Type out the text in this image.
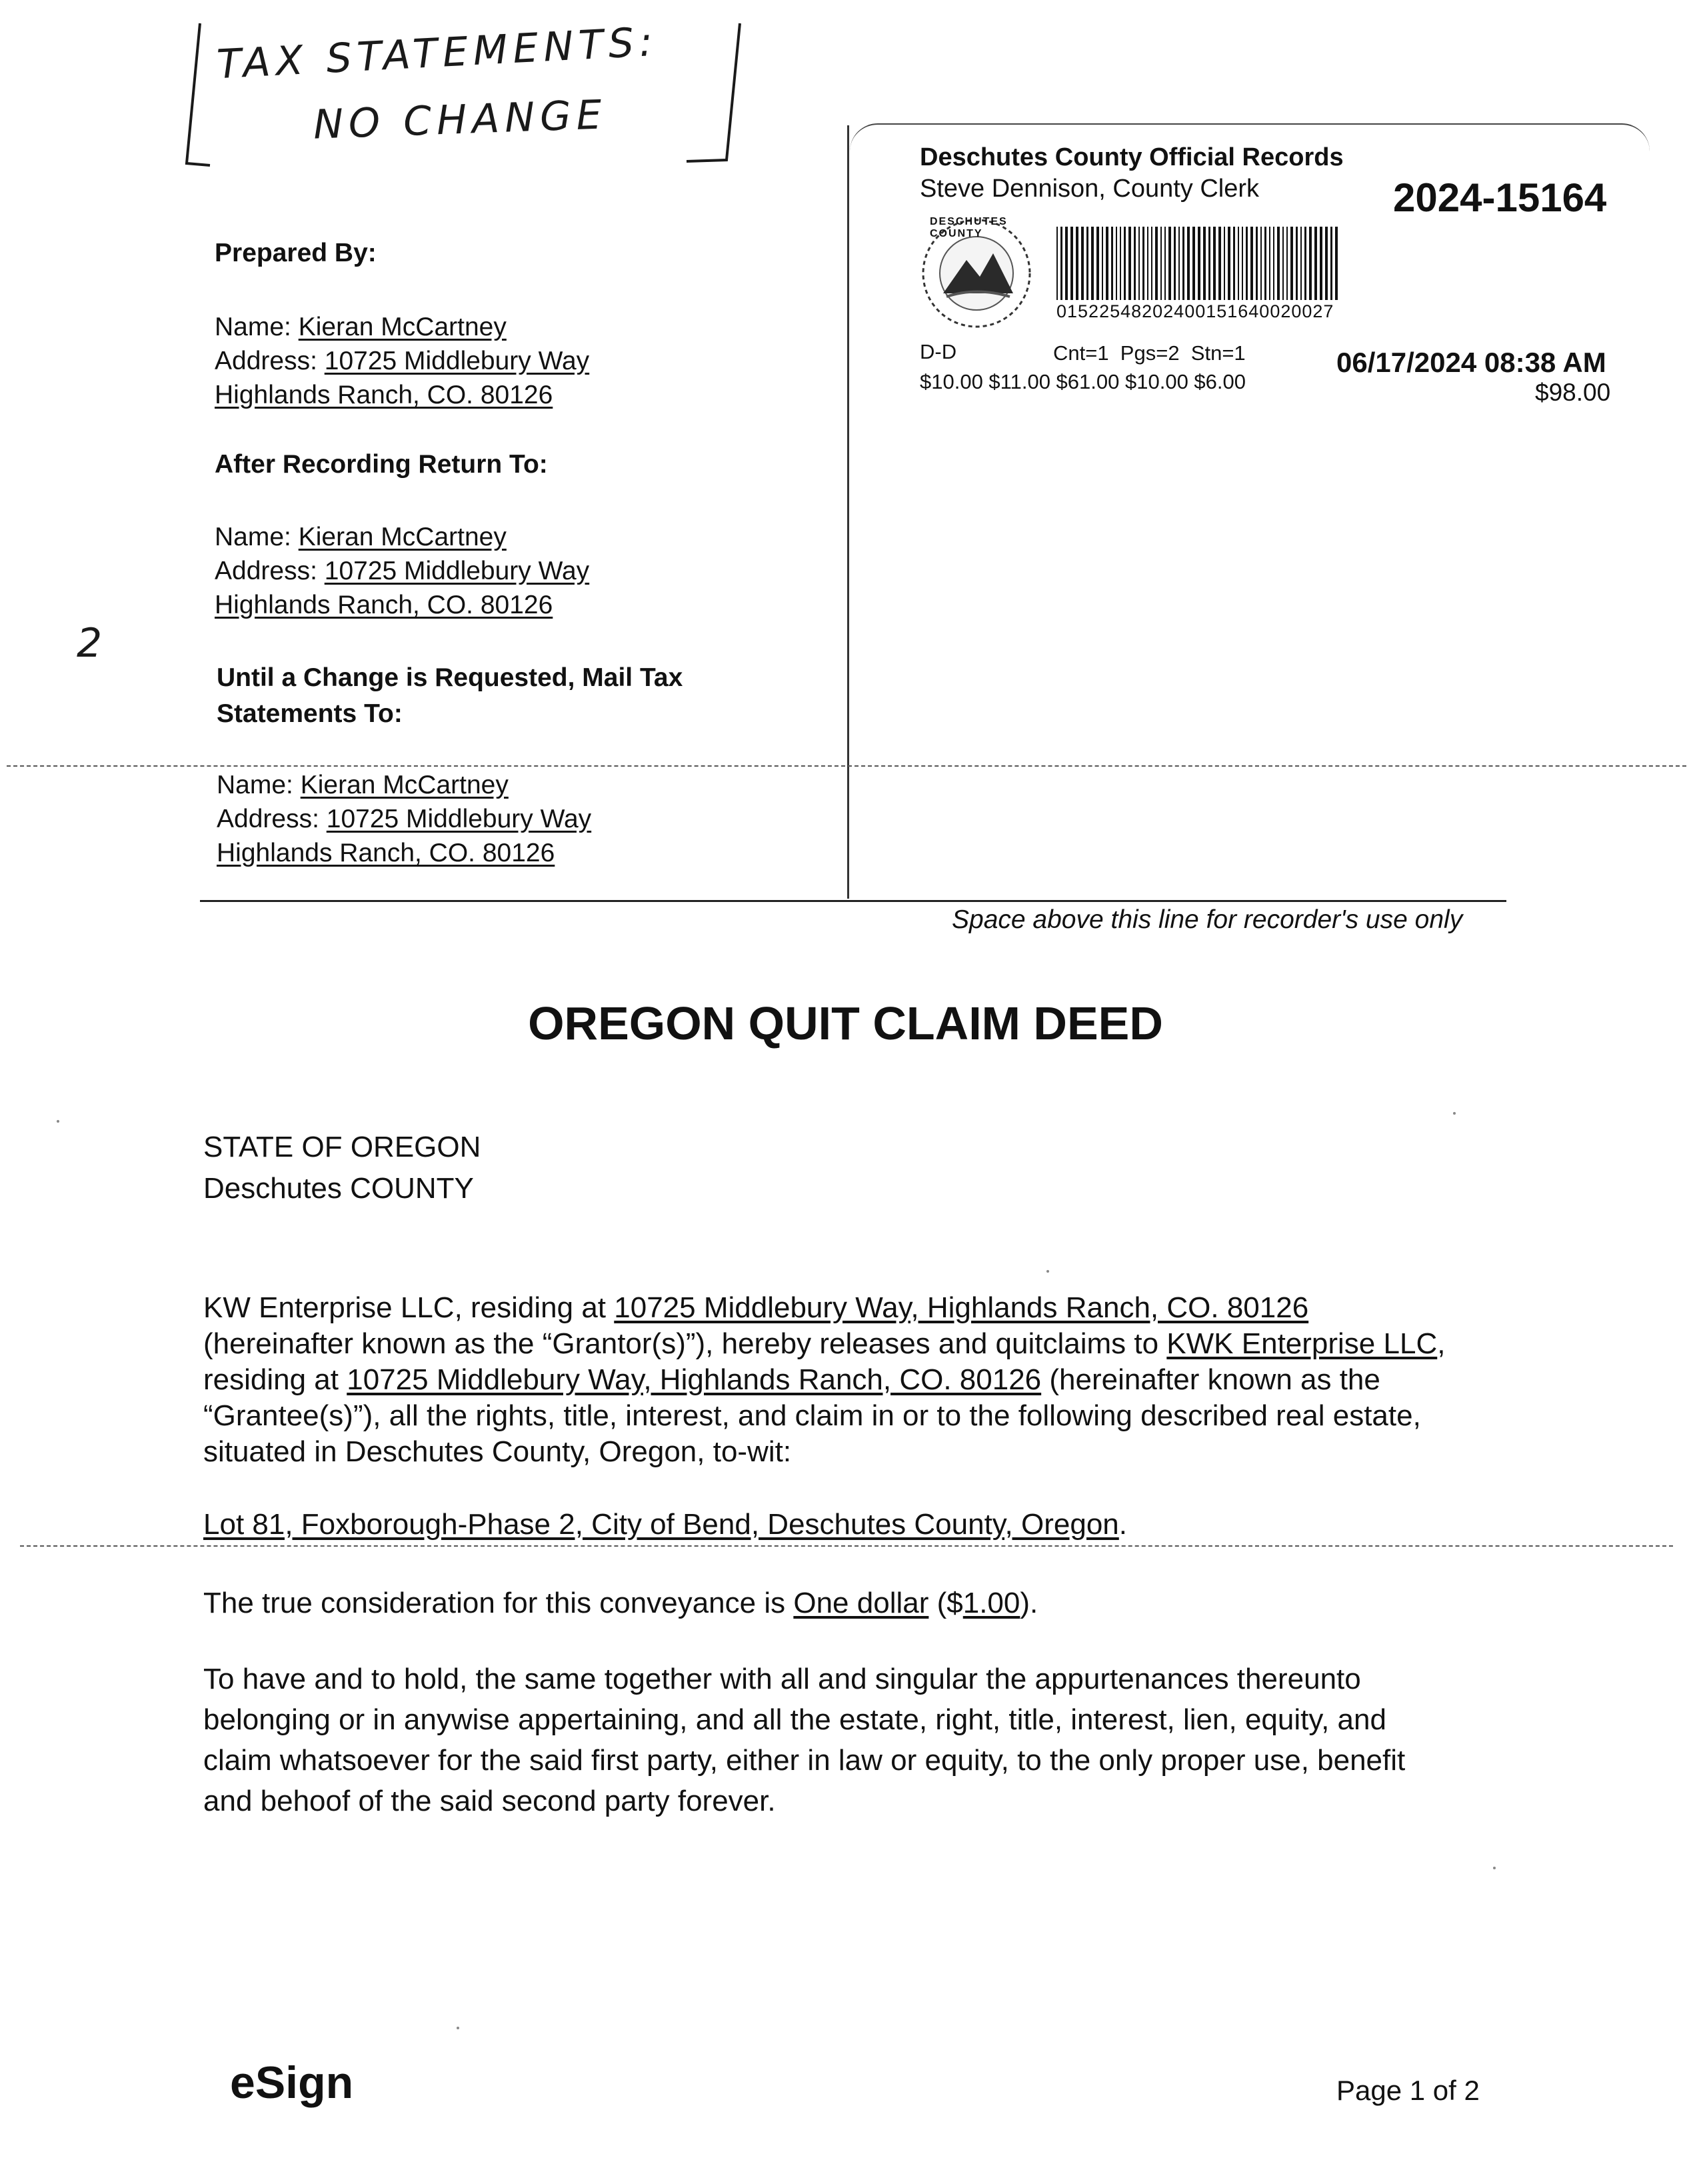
TAX STATEMENTS:
NO CHANGE
2
Deschutes County Official Records
Steve Dennison, County Clerk	2024-15164
DESCHUTES COUNTY
01522548202400151640020027
D-D	Cnt=1  Pgs=2  Stn=1
$10.00 $11.00 $61.00 $10.00 $6.00
06/17/2024 08:38 AM
$98.00
Prepared By:
Name: Kieran McCartney
Address: 10725 Middlebury Way
Highlands Ranch, CO. 80126
After Recording Return To:
Name: Kieran McCartney
Address: 10725 Middlebury Way
Highlands Ranch, CO. 80126
Until a Change is Requested, Mail Tax
Statements To:
Name: Kieran McCartney
Address: 10725 Middlebury Way
Highlands Ranch, CO. 80126
Space above this line for recorder's use only
OREGON QUIT CLAIM DEED
STATE OF OREGON
Deschutes COUNTY
KW Enterprise LLC, residing at 10725 Middlebury Way, Highlands Ranch, CO. 80126
(hereinafter known as the “Grantor(s)”), hereby releases and quitclaims to KWK Enterprise LLC,
residing at 10725 Middlebury Way, Highlands Ranch, CO. 80126 (hereinafter known as the
“Grantee(s)”), all the rights, title, interest, and claim in or to the following described real estate,
situated in Deschutes County, Oregon, to-wit:
Lot 81, Foxborough-Phase 2, City of Bend, Deschutes County, Oregon.
The true consideration for this conveyance is One dollar ($1.00).
To have and to hold, the same together with all and singular the appurtenances thereunto
belonging or in anywise appertaining, and all the estate, right, title, interest, lien, equity, and
claim whatsoever for the said first party, either in law or equity, to the only proper use, benefit
and behoof of the said second party forever.
eSign	Page 1 of 2
